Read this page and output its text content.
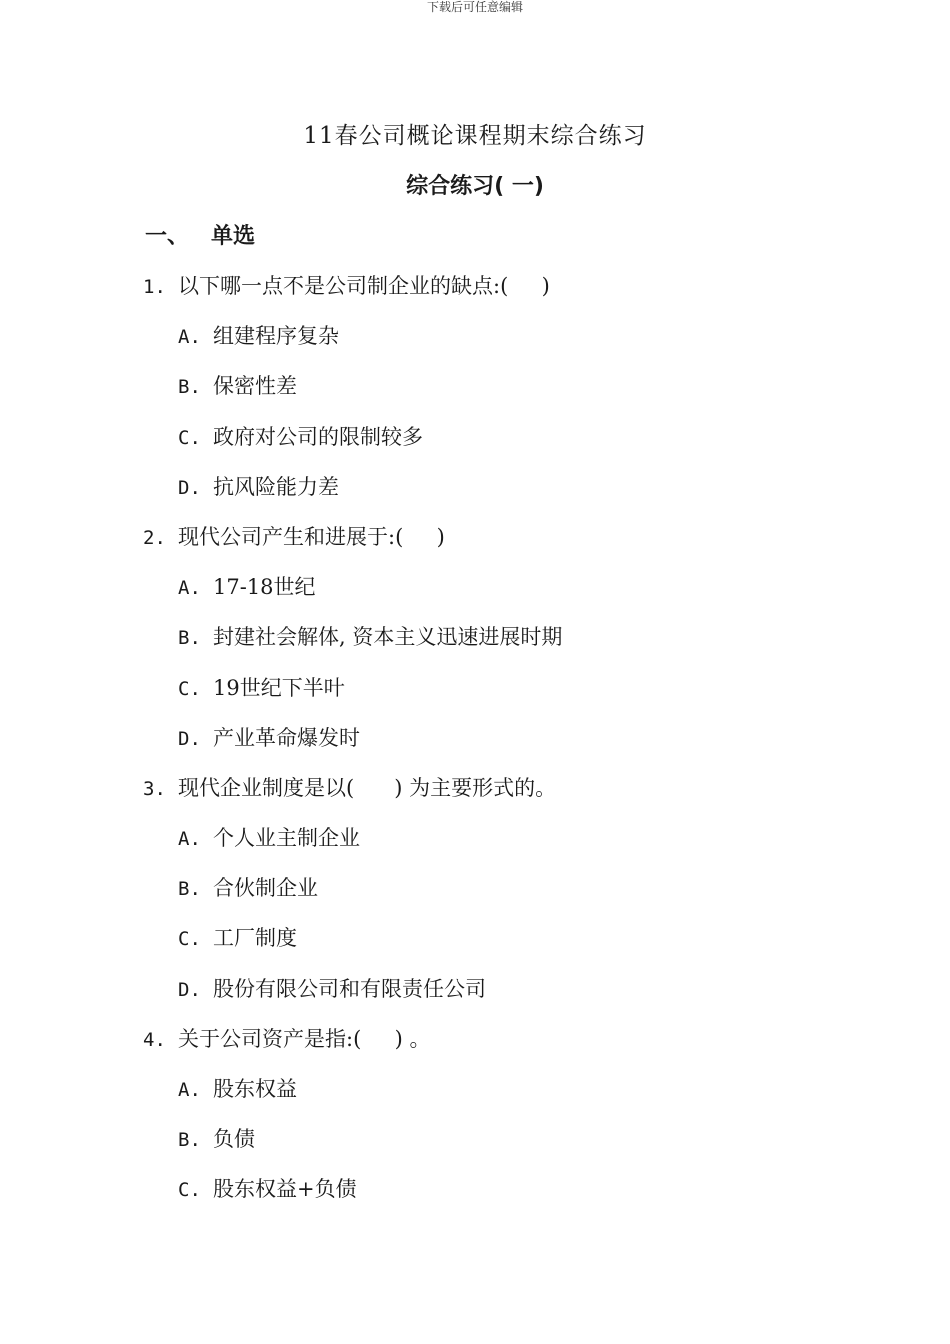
下载后可任意编辑
11春公司概论课程期末综合练习
综合练习( 一)
一、 单选
1. 以下哪一点不是公司制企业的缺点:(     )
A. 组建程序复杂
B. 保密性差
C. 政府对公司的限制较多
D. 抗风险能力差
2. 现代公司产生和进展于:(     )
A. 17-18世纪
B. 封建社会解体, 资本主义迅速进展时期
C. 19世纪下半叶
D. 产业革命爆发时
3. 现代企业制度是以(      ) 为主要形式的。
A. 个人业主制企业
B. 合伙制企业
C. 工厂制度
D. 股份有限公司和有限责任公司
4. 关于公司资产是指:(     ) 。
A. 股东权益
B. 负债
C. 股东权益+负债
